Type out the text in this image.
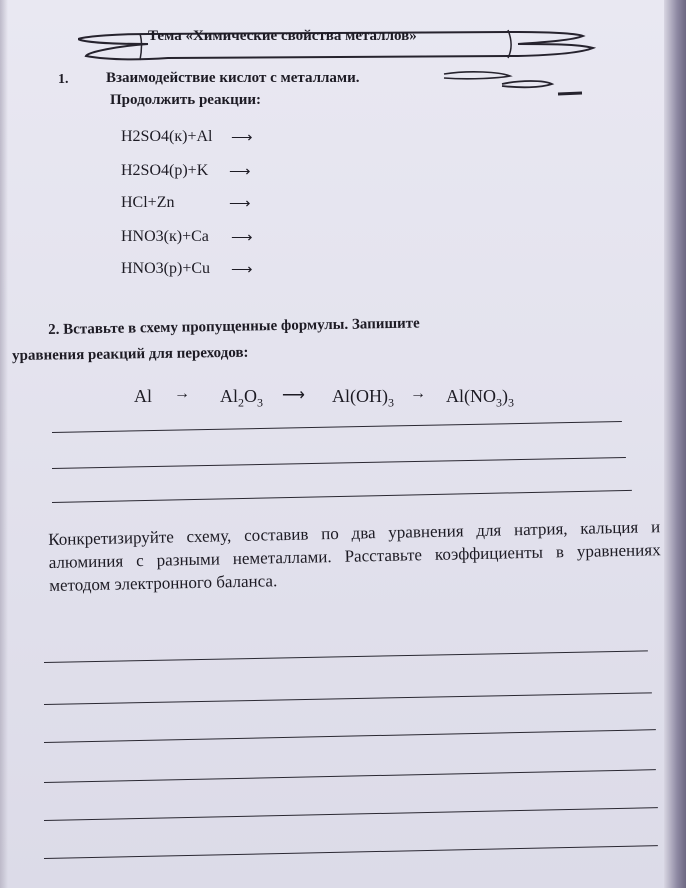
Тема «Химические свойства металлов»
1.	Взаимодействие кислот с металлами.
Продолжить реакции:
H2SO4(к)+Al ⟶
H2SO4(р)+K ⟶
HCl+Zn	⟶
HNO3(к)+Ca ⟶
HNO3(р)+Cu ⟶
2. Вставьте в схему пропущенные формулы. Запишите
уравнения реакций для переходов:
$Al \to Al_2O_3$ ⟶ $Al(OH)_3$
→ $Al(NO_3)_3$
Конкретизируйте схему, составив по два уравнения для натрия, кальция и алюминия с разными неметаллами. Расставьте коэффициенты в уравнениях методом электронного баланса.
